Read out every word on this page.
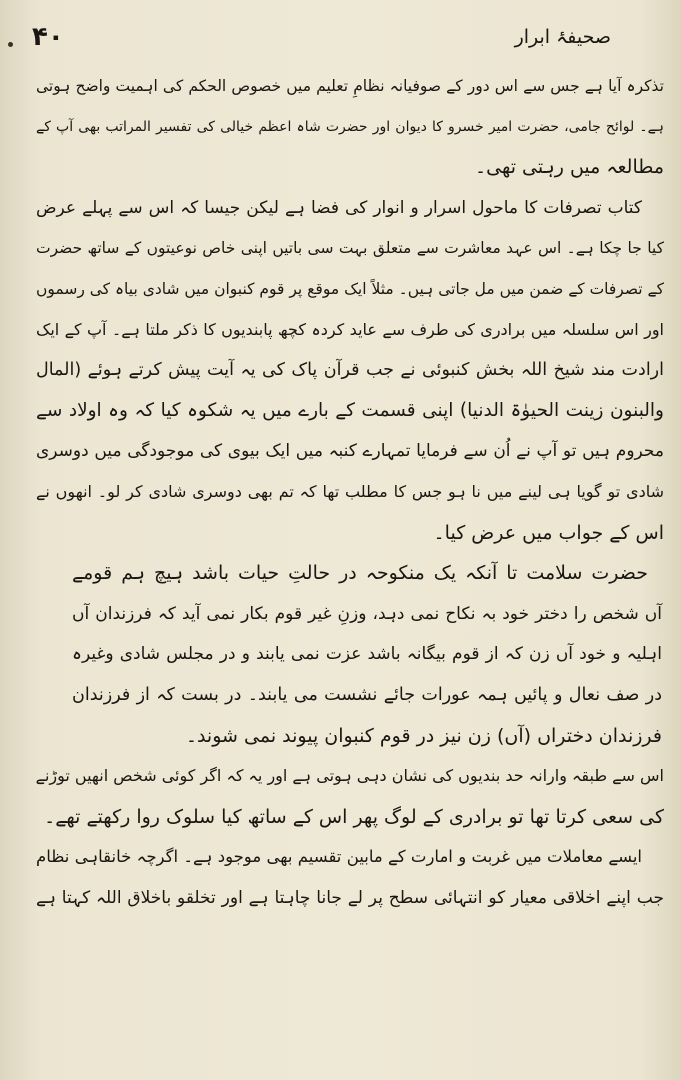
۴۰	صحیفۂ ابرار
تذکرہ آیا ہے جس سے اس دور کے صوفیانہ نظامِ تعلیم میں خصوص الحکم کی اہمیت واضح ہوتی
ہے۔ لوائح جامی، حضرت امیر خسرو کا دیوان اور حضرت شاہ اعظم خیالی کی تفسیر المراتب بھی آپ کے
مطالعہ میں رہتی تھی۔
کتاب تصرفات کا ماحول اسرار و انوار کی فضا ہے لیکن جیسا کہ اس سے پہلے عرض
کیا جا چکا ہے۔ اس عہد معاشرت سے متعلق بہت سی باتیں اپنی خاص نوعیتوں کے ساتھ حضرت
کے تصرفات کے ضمن میں مل جاتی ہیں۔ مثلاً ایک موقع پر قوم کنبوان میں شادی بیاہ کی رسموں
اور اس سلسلہ میں برادری کی طرف سے عاید کردہ کچھ پابندیوں کا ذکر ملتا ہے۔ آپ کے ایک
ارادت مند شیخ اللہ بخش کنبوئی نے جب قرآن پاک کی یہ آیت پیش کرتے ہوئے (المال
والبنون زینت الحیوٰۃ الدنیا) اپنی قسمت کے بارے میں یہ شکوہ کیا کہ وہ اولاد سے
محروم ہیں تو آپ نے اُن سے فرمایا تمہارے کنبہ میں ایک بیوی کی موجودگی میں دوسری
شادی تو گویا ہی لینے میں نا ہو جس کا مطلب تھا کہ تم بھی دوسری شادی کر لو۔ انھوں نے
اس کے جواب میں عرض کیا۔
حضرت سلامت تا آنکہ یک منکوحہ در حالتِ حیات باشد ہیچ ہم قومے
آں شخص را دختر خود بہ نکاح نمی دہد، وزنِ غیر قوم بکار نمی آید کہ فرزندان آں
اہلیہ و خود آں زن کہ از قوم بیگانہ باشد عزت نمی یابند و در مجلس شادی وغیرہ
در صف نعال و پائیں ہمہ عورات جائے نشست می یابند۔ در بست کہ از فرزندان
فرزندان دختراں (آں) زن نیز در قوم کنبوان پیوند نمی شوند۔
اس سے طبقہ وارانہ حد بندیوں کی نشان دہی ہوتی ہے اور یہ کہ اگر کوئی شخص انھیں توڑنے
کی سعی کرتا تھا تو برادری کے لوگ پھر اس کے ساتھ کیا سلوک روا رکھتے تھے۔
ایسے معاملات میں غربت و امارت کے مابین تقسیم بھی موجود ہے۔ اگرچہ خانقاہی نظام
جب اپنے اخلاقی معیار کو انتہائی سطح پر لے جانا چاہتا ہے اور تخلقو باخلاق اللہ کہتا ہے
